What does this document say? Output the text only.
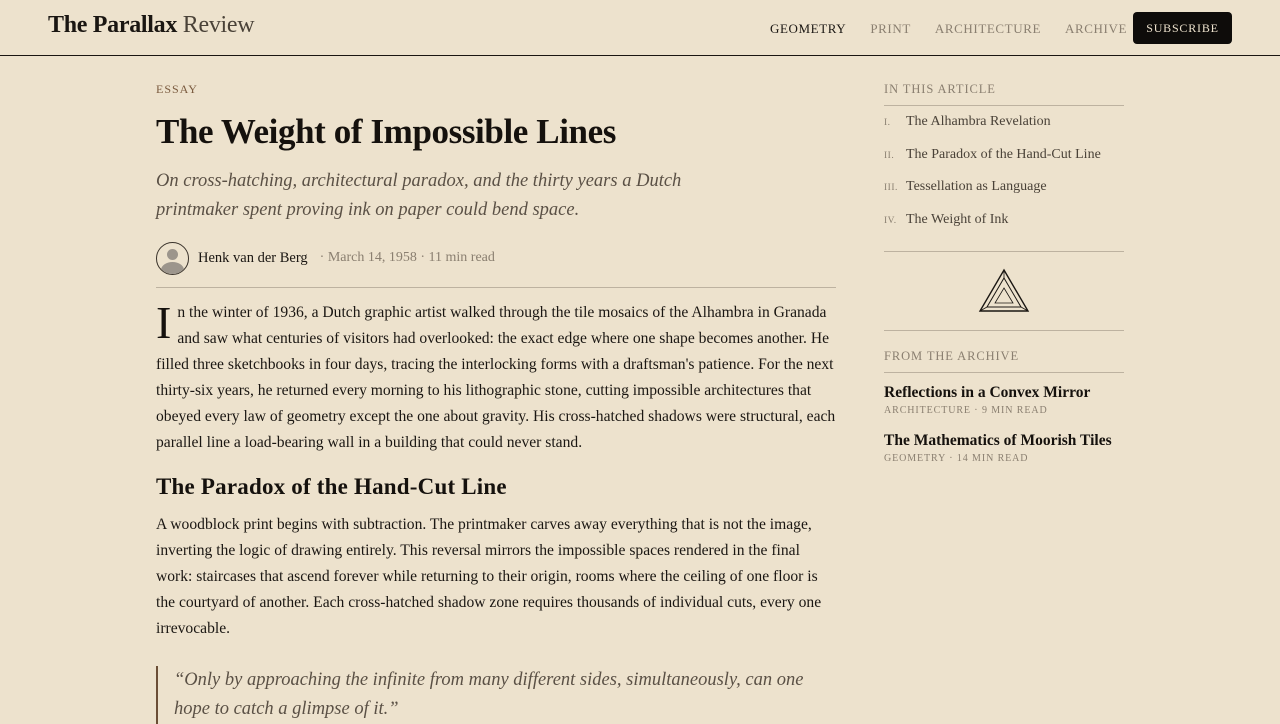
The Parallax Review	GEOMETRY PRINT ARCHITECTURE ARCHIVE	SUBSCRIBE
ESSAY
The Weight of Impossible Lines

On cross-hatching, architectural paradox, and the thirty years a Dutch printmaker spent proving ink on paper could bend space.

Henk van der Berg · March 14, 1958 · 11 min read

I n the winter of 1936, a Dutch graphic artist walked through the tile mosaics of the Alhambra in Granada and saw what centuries of visitors had overlooked: the exact edge where one shape becomes another. He filled three sketchbooks in four days, tracing the interlocking forms with a draftsman's patience. For the next thirty-six years, he returned every morning to his lithographic stone, cutting impossible architectures that obeyed every law of geometry except the one about gravity. His cross-hatched shadows were structural, each parallel line a load-bearing wall in a building that could never stand.

The Paradox of the Hand-Cut Line

A woodblock print begins with subtraction. The printmaker carves away everything that is not the image, inverting the logic of drawing entirely. This reversal mirrors the impossible spaces rendered in the final work: staircases that ascend forever while returning to their origin, rooms where the ceiling of one floor is the courtyard of another. Each cross-hatched shadow zone requires thousands of individual cuts, every one irrevocable.

“Only by approaching the infinite from many different sides, simultaneously, can one hope to catch a glimpse of it.”
IN THIS ARTICLE
I.	The Alhambra Revelation
II. The Paradox of the Hand-Cut Line
III. Tessellation as Language
IV. The Weight of Ink
FROM THE ARCHIVE
Reflections in a Convex Mirror
ARCHITECTURE · 9 MIN READ
The Mathematics of Moorish Tiles
GEOMETRY · 14 MIN READ
